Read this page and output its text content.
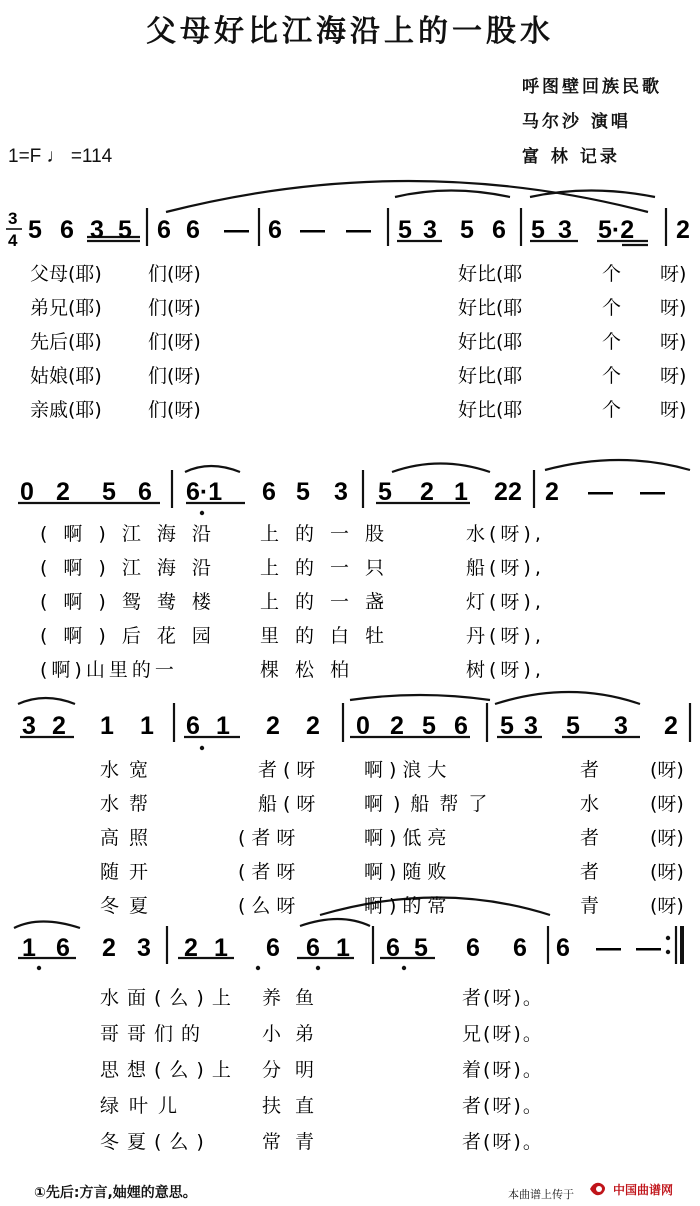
父母好比江海沿上的一股水
呼图壁回族民歌
马尔沙 演唱
富 林 记录
1=F ♩ =114
3
4 5 6 3 5 6 6 — 6 — — 5 3 5 6 5 3 5·2 2
0 2 5 6 6·1 6 5 3 5 2 1 2 2 2 — —
3 2 1 1 6 1 2 2 0 2 5 6 5 3 5 3 2
1 6 2 3 2 1 6 6 1 6 5 6 6 6 — —
父母(耶) 们(呀)	好比(耶	个 呀)
弟兄(耶) 们(呀)	好比(耶	个 呀)
先后(耶) 们(呀)	好比(耶	个 呀)
姑娘(耶) 们(呀)	好比(耶	个 呀)
亲戚(耶) 们(呀)	好比(耶	个 呀)
(啊)江海沿 上的一股	水(呀),
(啊)江海沿 上的一只	船(呀),
(啊)鸳鸯楼 上的一盏	灯(呀),
(啊)后花园 里的白牡	丹(呀),
(啊)山里的一	棵松柏	树(呀),
水宽	者(呀 啊)浪大	者	(呀)
水帮	船(呀 啊)船帮了	水	(呀)
高照	(者呀	啊)低亮	者	(呀)
随开	(者呀	啊)随败	者	(呀)
冬夏	(么呀	啊)的常	青	(呀)
水面(么)上 养鱼	者(呀)。
哥哥们的	小弟	兄(呀)。
思想(么)上 分明	着(呀)。
绿叶儿	扶直	者(呀)。
冬夏(么)	常青	者(呀)。
①先后:方言,妯娌的意思。	本曲谱上传于	中国曲谱网
